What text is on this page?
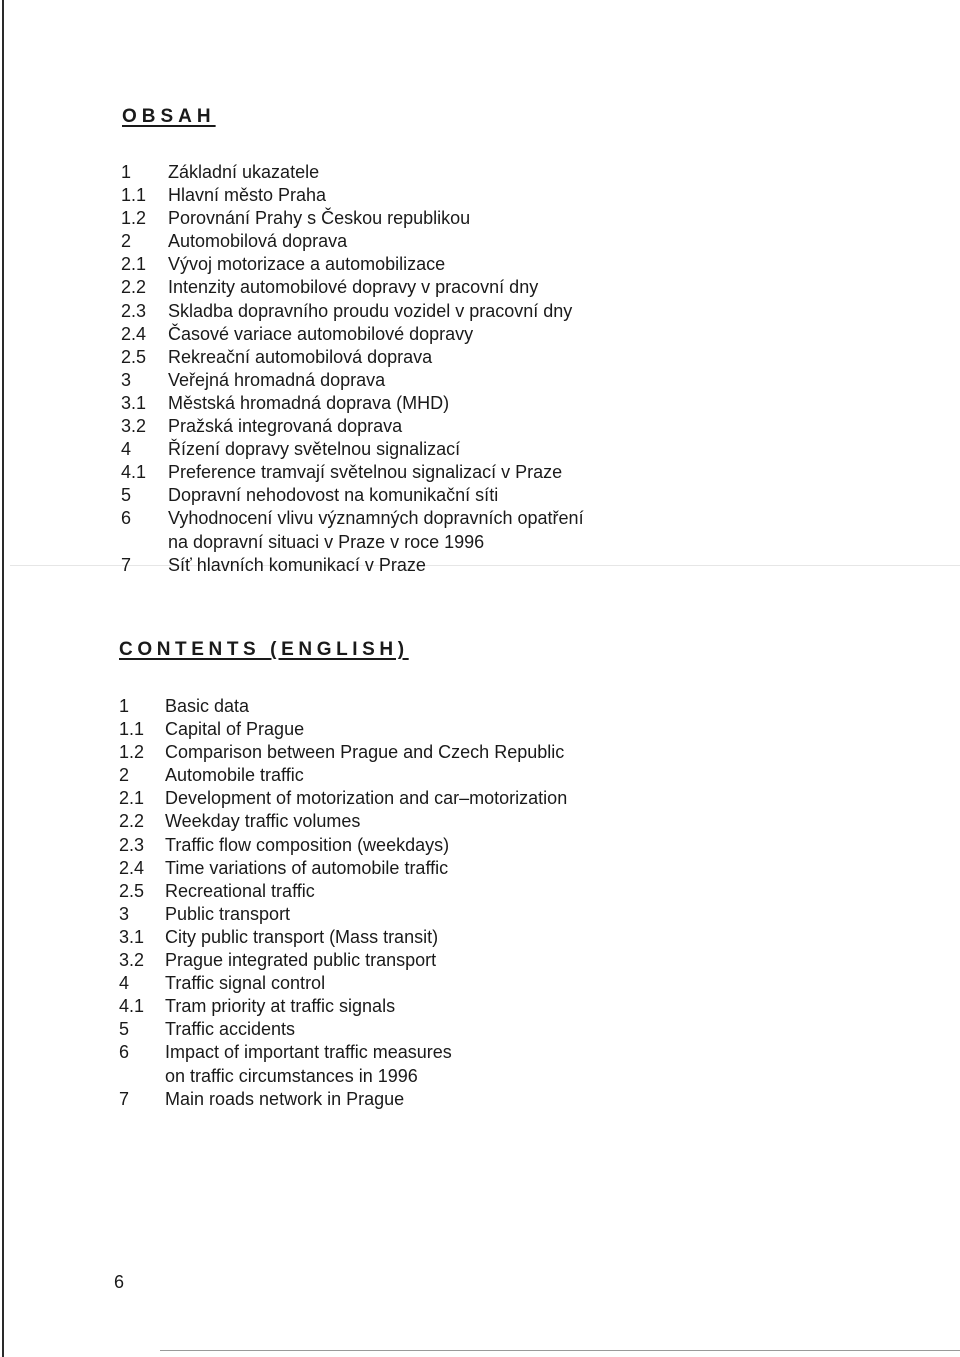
OBSAH
1 Základní ukazatele
1.1 Hlavní město Praha
1.2 Porovnání Prahy s Českou republikou
2 Automobilová doprava
2.1 Vývoj motorizace a automobilizace
2.2 Intenzity automobilové dopravy v pracovní dny
2.3 Skladba dopravního proudu vozidel v pracovní dny
2.4 Časové variace automobilové dopravy
2.5 Rekreační automobilová doprava
3 Veřejná hromadná doprava
3.1 Městská hromadná doprava (MHD)
3.2 Pražská integrovaná doprava
4 Řízení dopravy světelnou signalizací
4.1 Preference tramvají světelnou signalizací v Praze
5 Dopravní nehodovost na komunikační síti
6 Vyhodnocení vlivu významných dopravních opatření
na dopravní situaci v Praze v roce 1996
7 Síť hlavních komunikací v Praze
CONTENTS (ENGLISH)
1 Basic data
1.1 Capital of Prague
1.2 Comparison between Prague and Czech Republic
2 Automobile traffic
2.1 Development of motorization and car–motorization
2.2 Weekday traffic volumes
2.3 Traffic flow composition (weekdays)
2.4 Time variations of automobile traffic
2.5 Recreational traffic
3 Public transport
3.1 City public transport (Mass transit)
3.2 Prague integrated public transport
4 Traffic signal control
4.1 Tram priority at traffic signals
5 Traffic accidents
6 Impact of important traffic measures
on traffic circumstances in 1996
7 Main roads network in Prague
6
